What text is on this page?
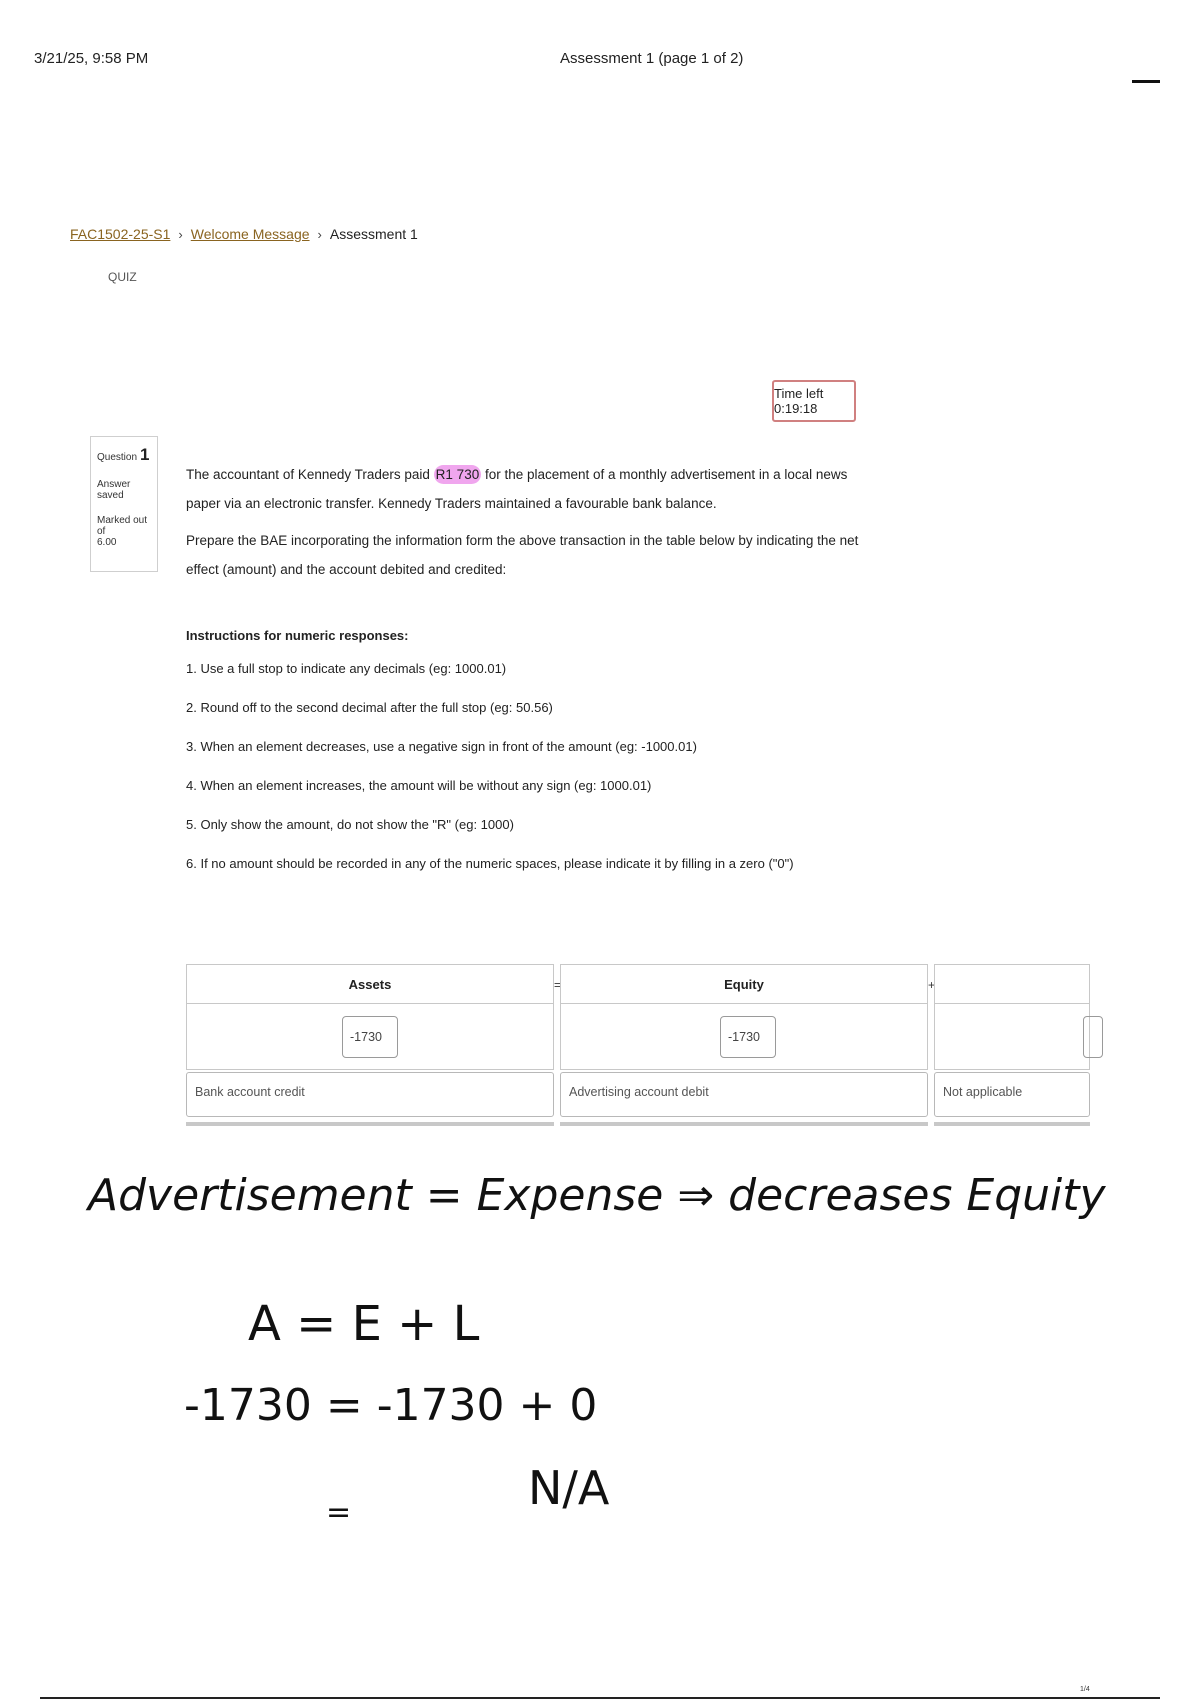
3/21/25, 9:58 PM	Assessment 1 (page 1 of 2)
FAC1502-25-S1 › Welcome Message › Assessment 1
QUIZ
Time left 0:19:18
Question 1
Answer saved
Marked out of
6.00

The accountant of Kennedy Traders paid R1 730 for the placement of a monthly advertisement in a local news paper via an electronic transfer. Kennedy Traders maintained a favourable bank balance.

Prepare the BAE incorporating the information form the above transaction in the table below by indicating the net effect (amount) and the account debited and credited:

Instructions for numeric responses:
1. Use a full stop to indicate any decimals (eg: 1000.01)
2. Round off to the second decimal after the full stop (eg: 50.56)
3. When an element decreases, use a negative sign in front of the amount (eg: -1000.01)
4. When an element increases, the amount will be without any sign (eg: 1000.01)
5. Only show the amount, do not show the "R" (eg: 1000)
6. If no amount should be recorded in any of the numeric spaces, please indicate it by filling in a zero ("0")
Assets
-1730
Bank account credit
=	Equity
-1730
Advertising account debit
+
Not applicable
Advertisement = Expense ⇒ decreases Equity
A = E + L
-1730 = -1730 + 0
N/A
=
1/4
